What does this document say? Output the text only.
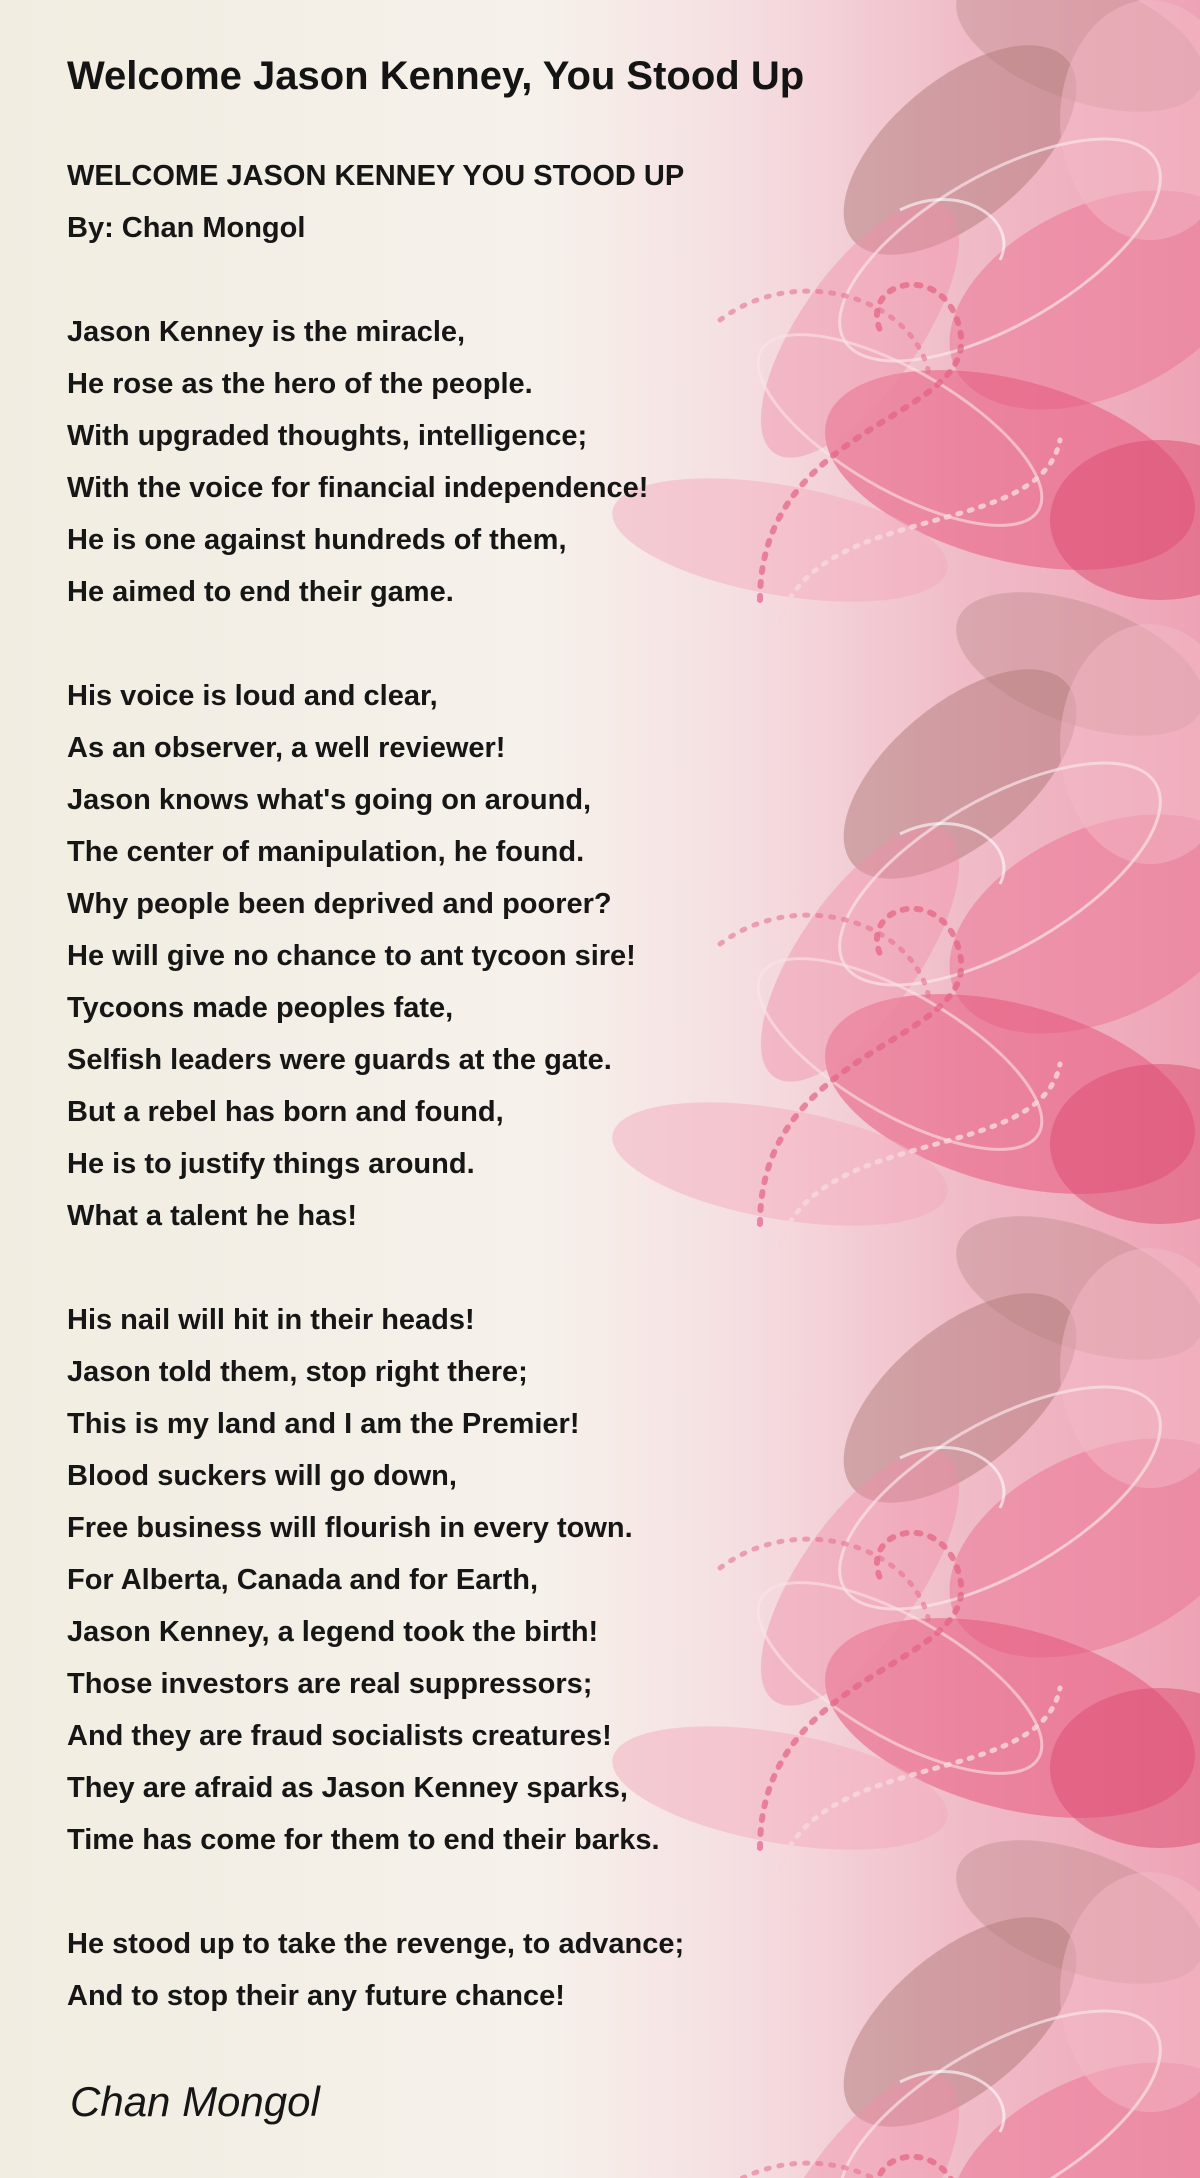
Welcome Jason Kenney, You Stood Up
WELCOME JASON KENNEY YOU STOOD UP
By: Chan Mongol
Jason Kenney is the miracle,
He rose as the hero of the people.
With upgraded thoughts, intelligence;
With the voice for financial independence!
He is one against hundreds of them,
He aimed to end their game.
His voice is loud and clear,
As an observer, a well reviewer!
Jason knows what's going on around,
The center of manipulation, he found.
Why people been deprived and poorer?
He will give no chance to ant tycoon sire!
Tycoons made peoples fate,
Selfish leaders were guards at the gate.
But a rebel has born and found,
He is to justify things around.
What a talent he has!
His nail will hit in their heads!
Jason told them, stop right there;
This is my land and I am the Premier!
Blood suckers will go down,
Free business will flourish in every town.
For Alberta, Canada and for Earth,
Jason Kenney, a legend took the birth!
Those investors are real suppressors;
And they are fraud socialists creatures!
They are afraid as Jason Kenney sparks,
Time has come for them to end their barks.
He stood up to take the revenge, to advance;
And to stop their any future chance!
Chan Mongol
